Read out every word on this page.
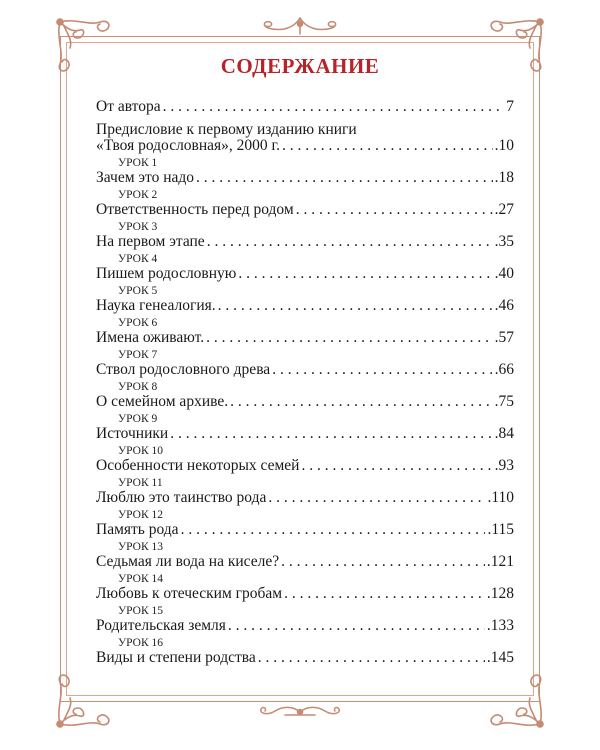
СОДЕРЖАНИЕ
От автора . . .	7
Предисловие к первому изданию книги
«Твоя родословная», 2000 г. . . .	.10
УРОК 1
Зачем это надо . . .	.18
УРОК 2
Ответственность перед родом . . .	.27
УРОК 3
На первом этапе . . .	.35
УРОК 4
Пишем родословную . . .	.40
УРОК 5
Наука генеалогия. . . .	.46
УРОК 6
Имена оживают. . . .	.57
УРОК 7
Ствол родословного древа . . .	.66
УРОК 8
О семейном архиве. . . .	.75
УРОК 9
Источники . . .	.84
УРОК 10
Особенности некоторых семей . . .	.93
УРОК 11
Люблю это таинство рода . . .	.110
УРОК 12
Память рода . . .	.115
УРОК 13
Седьмая ли вода на киселе? . . .	.121
УРОК 14
Любовь к отеческим гробам . . .	.128
УРОК 15
Родительская земля . . .	.133
УРОК 16
Виды и степени родства . . .	.145
